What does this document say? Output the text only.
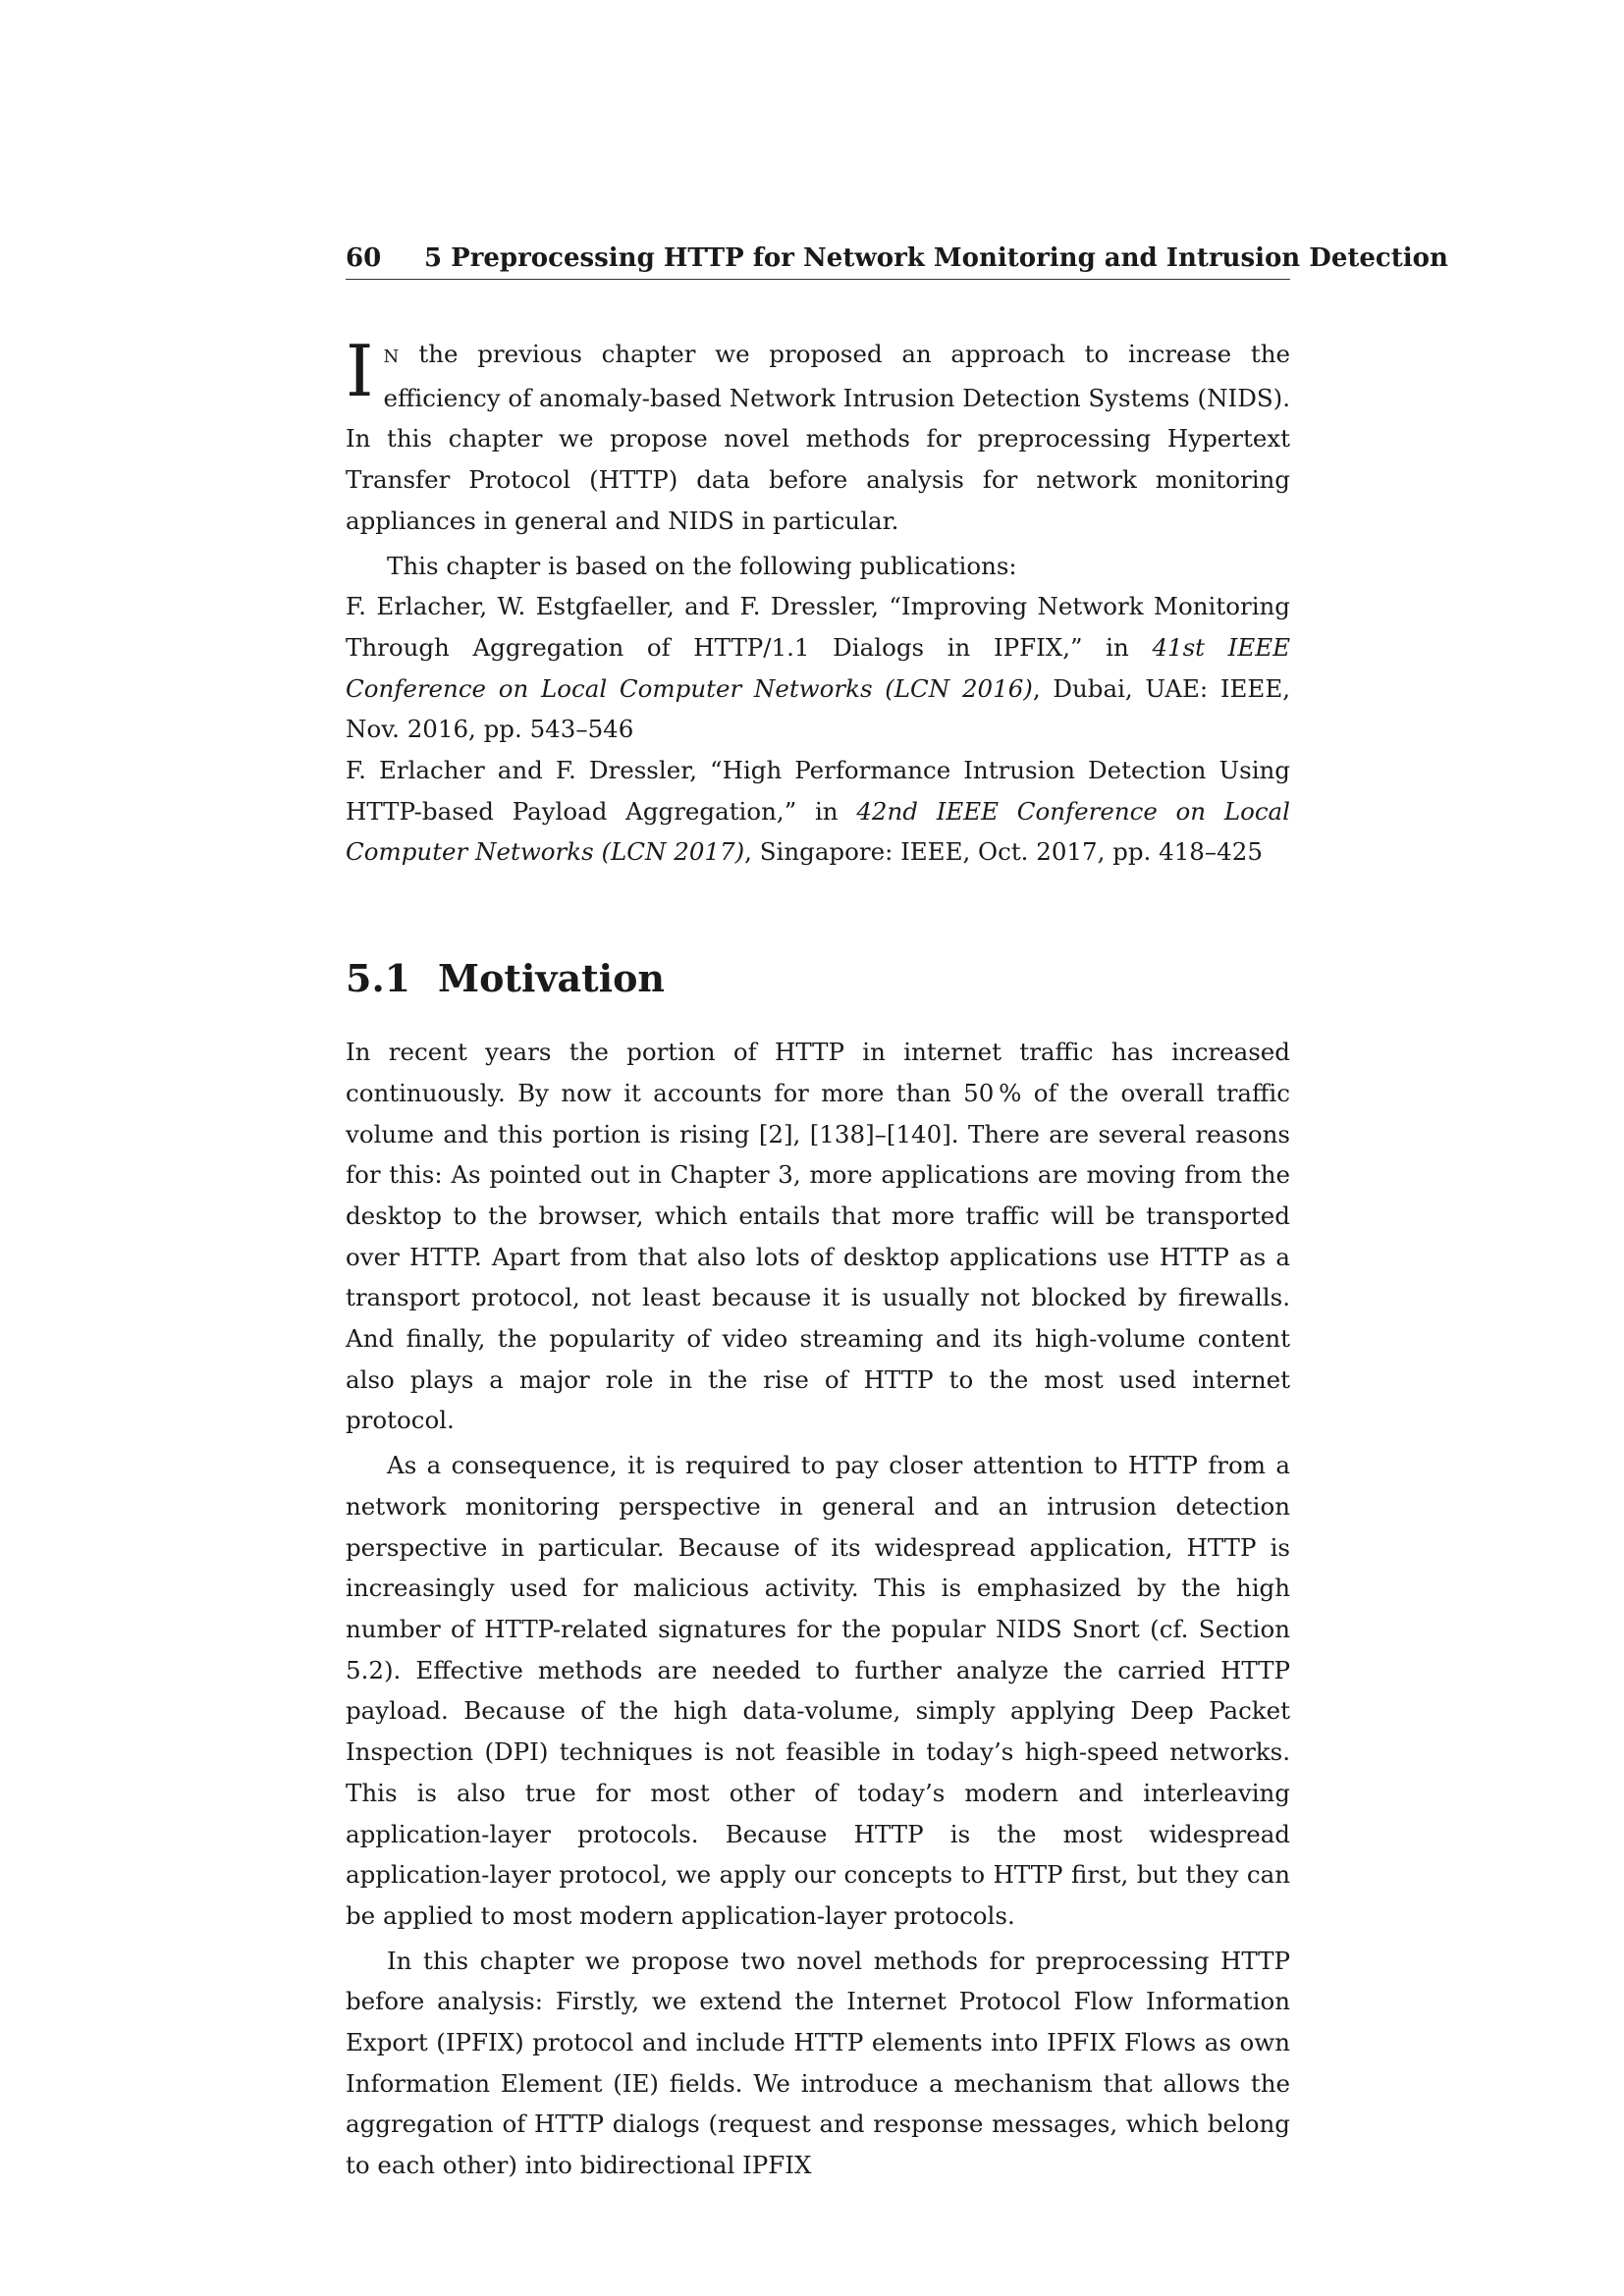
60 5 Preprocessing HTTP for Network Monitoring and Intrusion Detection

I N the previous chapter we proposed an approach to increase the efficiency of anomaly-based Network Intrusion Detection Systems (NIDS). In this chapter we propose novel methods for preprocessing Hypertext Transfer Protocol (HTTP) data before analysis for network monitoring appliances in general and NIDS in particular.

This chapter is based on the following publications:

F. Erlacher, W. Estgfaeller, and F. Dressler, “Improving Network Monitoring Through Aggregation of HTTP/1.1 Dialogs in IPFIX,” in 41st IEEE Conference on Local Computer Networks (LCN 2016), Dubai, UAE: IEEE, Nov. 2016, pp. 543–546

F. Erlacher and F. Dressler, “High Performance Intrusion Detection Using HTTP-based Payload Aggregation,” in 42nd IEEE Conference on Local Computer Networks (LCN 2017), Singapore: IEEE, Oct. 2017, pp. 418–425

5.1 Motivation

In recent years the portion of HTTP in internet traffic has increased continuously. By now it accounts for more than 50 % of the overall traffic volume and this portion is rising [2], [138]–[140]. There are several reasons for this: As pointed out in Chapter 3, more applications are moving from the desktop to the browser, which entails that more traffic will be transported over HTTP. Apart from that also lots of desktop applications use HTTP as a transport protocol, not least because it is usually not blocked by firewalls. And finally, the popularity of video streaming and its high-volume content also plays a major role in the rise of HTTP to the most used internet protocol.

As a consequence, it is required to pay closer attention to HTTP from a network monitoring perspective in general and an intrusion detection perspective in particular. Because of its widespread application, HTTP is increasingly used for malicious activity. This is emphasized by the high number of HTTP-related signatures for the popular NIDS Snort (cf. Section 5.2). Effective methods are needed to further analyze the carried HTTP payload. Because of the high data-volume, simply applying Deep Packet Inspection (DPI) techniques is not feasible in today’s high-speed networks. This is also true for most other of today’s modern and interleaving application-layer protocols. Because HTTP is the most widespread application-layer protocol, we apply our concepts to HTTP first, but they can be applied to most modern application-layer protocols.

In this chapter we propose two novel methods for preprocessing HTTP before analysis: Firstly, we extend the Internet Protocol Flow Information Export (IPFIX) protocol and include HTTP elements into IPFIX Flows as own Information Element (IE) fields. We introduce a mechanism that allows the aggregation of HTTP dialogs (request and response messages, which belong to each other) into bidirectional IPFIX
